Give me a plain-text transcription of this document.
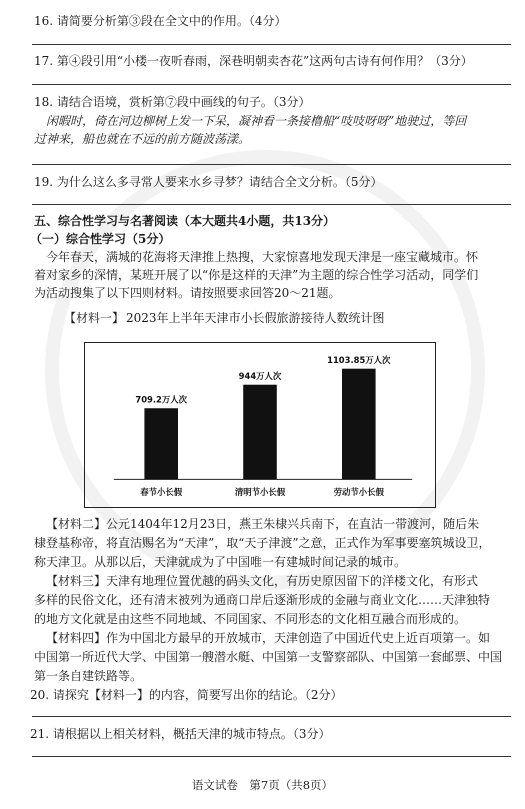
16. 请简要分析第③段在全文中的作用。（4分）
17. 第④段引用“小楼一夜听春雨，深巷明朝卖杏花”这两句古诗有何作用？（3分）
18. 请结合语境，赏析第⑦段中画线的句子。（3分）
闲暇时，倚在河边柳树上发一下呆，凝神看一条接橹船“吱吱呀呀”地驶过，等回
过神来，船也就在不远的前方随波荡漾。
19. 为什么这么多寻常人要来水乡寻梦？请结合全文分析。（5分）
五、综合性学习与名著阅读（本大题共4小题，共13分）
（一）综合性学习（5分）
今年春天，满城的花海将天津推上热搜，大家惊喜地发现天津是一座宝藏城市。怀
着对家乡的深情，某班开展了以“你是这样的天津”为主题的综合性学习活动，同学们
为活动搜集了以下四则材料。请按照要求回答20～21题。
【材料一】 2023年上半年天津市小长假旅游接待人数统计图
709.2万人次
春节小长假
944万人次
清明节小长假
1103.85万人次
劳动节小长假
【材料二】公元1404年12月23日，燕王朱棣兴兵南下，在直沽一带渡河，随后朱
棣登基称帝，将直沽赐名为“天津”，取“天子津渡”之意，正式作为军事要塞筑城设卫，
称天津卫。从那以后，天津就成为了中国唯一有建城时间记录的城市。
【材料三】天津有地理位置优越的码头文化，有历史原因留下的洋楼文化，有形式
多样的民俗文化，还有清末被列为通商口岸后逐渐形成的金融与商业文化……天津独特
的地方文化就是由这些不同地域、不同国家、不同形态的文化相互融合而形成的。
【材料四】作为中国北方最早的开放城市，天津创造了中国近代史上近百项第一。如
中国第一所近代大学、中国第一艘潜水艇、中国第一支警察部队、中国第一套邮票、中国
第一条自建铁路等。
20. 请探究【材料一】的内容，简要写出你的结论。（2分）
21. 请根据以上相关材料，概括天津的城市特点。（3分）
语文试卷　第7页（共8页）
